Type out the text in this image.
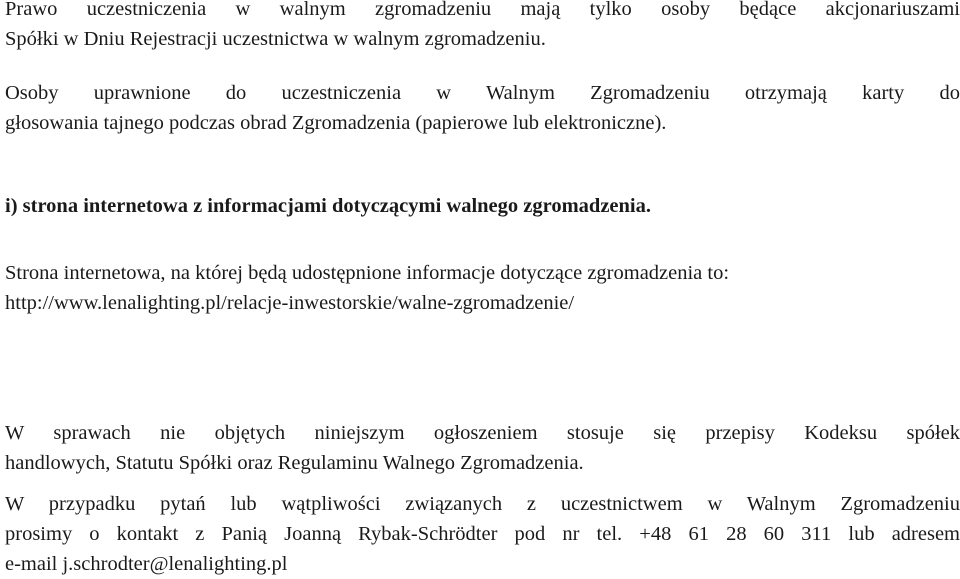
Prawo uczestniczenia w walnym zgromadzeniu mają tylko osoby będące akcjonariuszami
Spółki w Dniu Rejestracji uczestnictwa w walnym zgromadzeniu.
Osoby uprawnione do uczestniczenia w Walnym Zgromadzeniu otrzymają karty do
głosowania tajnego podczas obrad Zgromadzenia (papierowe lub elektroniczne).
i) strona internetowa z informacjami dotyczącymi walnego zgromadzenia.
Strona internetowa, na której będą udostępnione informacje dotyczące zgromadzenia to:
http://www.lenalighting.pl/relacje-inwestorskie/walne-zgromadzenie/
W sprawach nie objętych niniejszym ogłoszeniem stosuje się przepisy Kodeksu spółek
handlowych, Statutu Spółki oraz Regulaminu Walnego Zgromadzenia.
W przypadku pytań lub wątpliwości związanych z uczestnictwem w Walnym Zgromadzeniu
prosimy o kontakt z Panią Joanną Rybak-Schrödter pod nr tel. +48 61 28 60 311 lub adresem
e-mail j.schrodter@lenalighting.pl
